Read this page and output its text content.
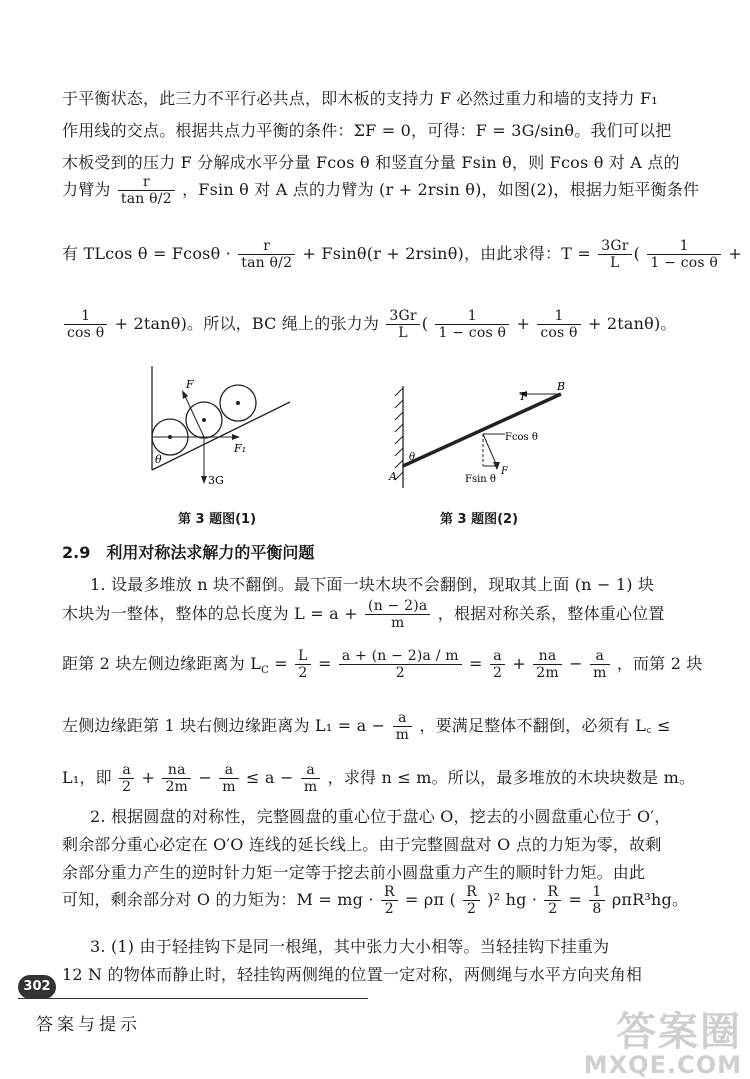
于平衡状态，此三力不平行必共点，即木板的支持力 F 必然过重力和墙的支持力 F₁
作用线的交点。根据共点力平衡的条件：ΣF = 0，可得：F = 3G/sinθ。我们可以把
木板受到的压力 F 分解成水平分量 Fcos θ 和竖直分量 Fsin θ，则 Fcos θ 对 A 点的
力臂为 $\frac{r}{\text{tan θ/2}}$ ，Fsin θ 对 A 点的力臂为 (r + 2rsin θ)，如图(2)，根据力矩平衡条件
有 TLcos $\theta = Fcos\theta \cdot \frac{r}{\text{tan θ/2}} + Fsin\theta(r + 2rsin\theta)$，由此求得：$T = \frac{3Gr}{L}$ ( $\frac{1}{\text{1 − cos θ}}$ +
$\frac{1}{\text{cos θ}} + 2\tan\theta$)。所以，BC 绳上的张力为 $\frac{3Gr}{L}$ ( $\frac{1}{\text{1 − cos θ}} + \frac{1}{\text{cos θ}} + 2\tan\theta$)。
F
F₁
θ
3G
第 3 题图(1)
T
B
A
θ
Fcos θ
Fsin θ
F
第 3 题图(2)
2.9　利用对称法求解力的平衡问题
1. 设最多堆放 n 块不翻倒。最下面一块木块不会翻倒，现取其上面 (n − 1) 块
木块为一整体，整体的总长度为 $L = a + \frac{(n - 2)a}{m}$ ，根据对称关系，整体重心位置
距第 2 块左侧边缘距离为 $L_C = \frac{L}{2} = \frac{a + (n - 2)a / m}{2} = \frac{a}{2} + \frac{na}{2m} - \frac{a}{m}$ ，而第 2 块
左侧边缘距第 1 块右侧边缘距离为 $L_1 = a - \frac{a}{m}$ ，要满足整体不翻倒，必须有 L꜀ ≤
L₁，即 $\frac{a}{2} + \frac{na}{2m} - \frac{a}{m} \le a - \frac{a}{m}$ ，求得 n ≤ m。所以，最多堆放的木块块数是 m。
2. 根据圆盘的对称性，完整圆盘的重心位于盘心 O，挖去的小圆盘重心位于 O′，
剩余部分重心必定在 O′O 连线的延长线上。由于完整圆盘对 O 点的力矩为零，故剩
余部分重力产生的逆时针力矩一定等于挖去前小圆盘重力产生的顺时针力矩。由此
可知，剩余部分对 O 的力矩为：M = mg · $\frac{R}{2} = \rho\pi$ ( $\frac{R}{2} )^2$ hg · $\frac{R}{2} = \frac{1}{8} \rho\pi R^3hg$。
3. (1) 由于轻挂钩下是同一根绳，其中张力大小相等。当轻挂钩下挂重为
12 N 的物体而静止时，轻挂钩两侧绳的位置一定对称，两侧绳与水平方向夹角相
302
答案与提示	答案圈
MXQE.COM
